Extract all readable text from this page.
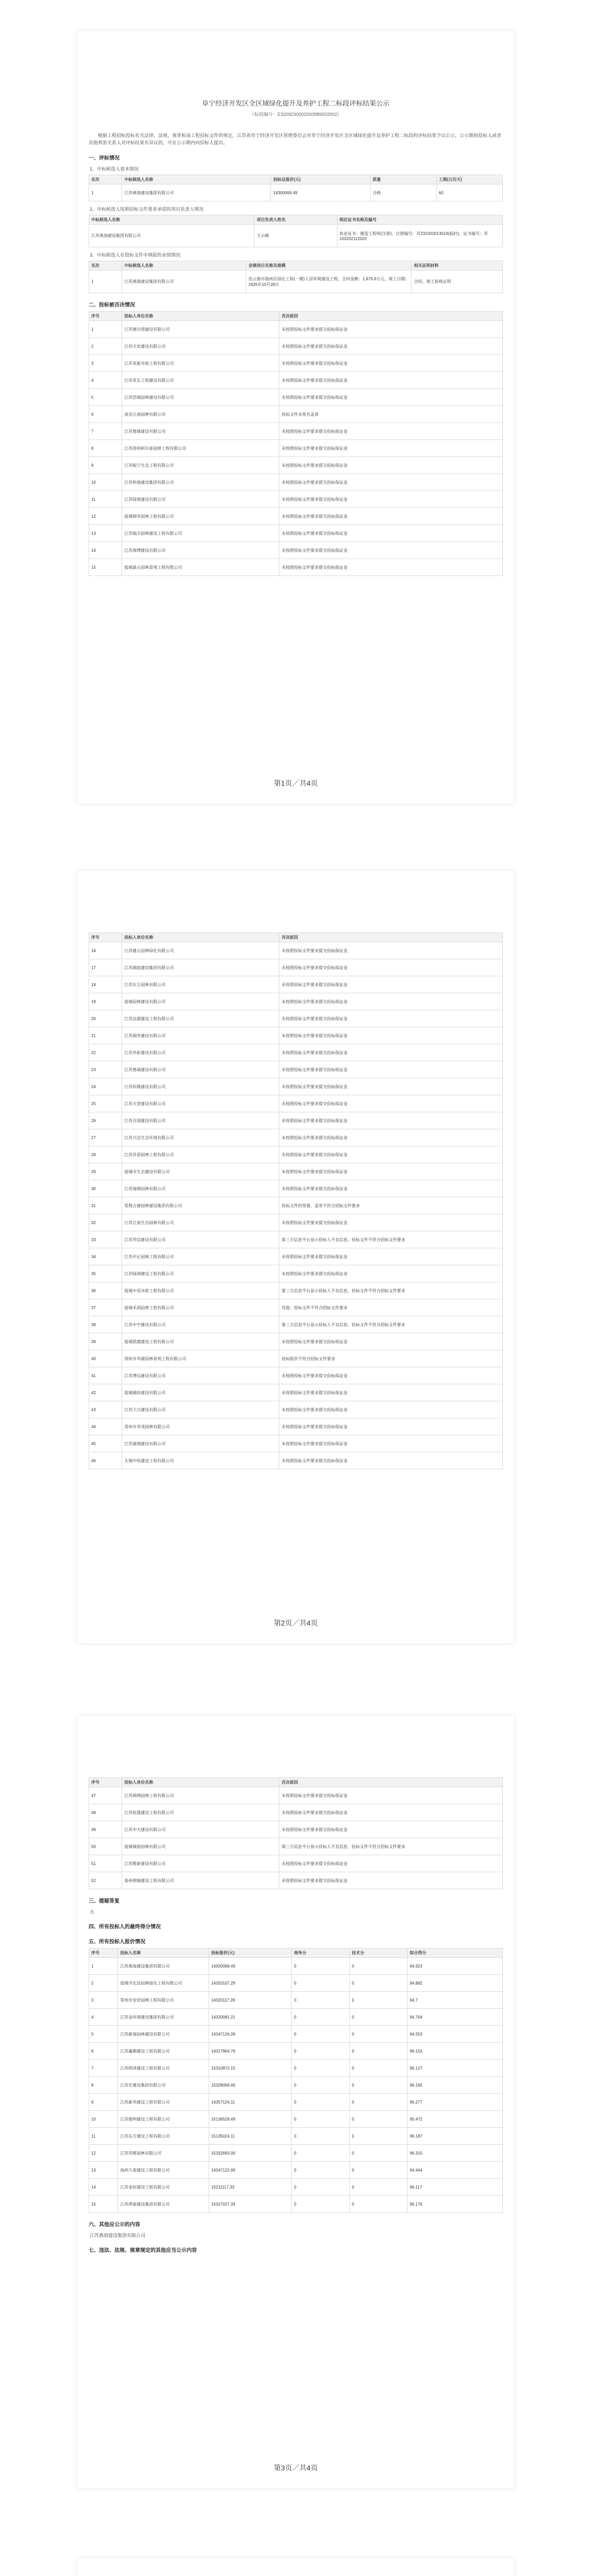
阜宁经济开发区全区域绿化提升及养护工程二标段评标结果公示
（标段编号：E3209230002000989002002）
根据工程招标投标有关法律、法规、规章和该工程招标文件的规定，江苏省阜宁经济开发区管理委员会对阜宁经济开发区全区域绿化提升及养护工程二标段的评标结果予以公示，公示期间投标人或者其他利害关系人对评标结果有异议的，可在公示期内向招标人提出。
一、评标情况
1、中标候选人基本情况
名次	中标候选人名称	投标总报价(元)	质量	工期(日历天)
1	江苏燕海建设集团有限公司	14300069.49	合格	60
2、中标候选人按照招标文件要求承诺的项目负责人情况
中标候选人名称	项目负责人姓名	相应证书名称及编号
江苏燕海建设集团有限公司	王云峰	执业证书：建造工程师(注册)，注册编号：苏232202013014(临时)，证书编号：苏103202112020
3、中标候选人在投标文件中填报的业绩情况
名次	中标候选人名称	业绩项目名称及规模	相关证明材料
1	江苏燕海建设集团有限公司	连云港市海州区绿化工程(一期)人居环境建设工程，合同金额：1,879.6万元，竣工日期：2025年10月28日	合同、竣工验收证明
二、投标被否决情况
序号	投标人单位名称	否决原因
1	江苏德尔塔建设有限公司	未按照投标文件要求提交投标保证金
2	江苏天安建设有限公司	未按照投标文件要求提交投标保证金
3	江苏亚振市政工程有限公司	未按照投标文件要求提交投标保证金
4	江苏亚东工程建设有限公司	未按照投标文件要求提交投标保证金
5	江苏浩城园林建设有限公司	未按照投标文件要求提交投标保证金
6	南京江南园林有限公司	投标文件未签名盖章
7	江苏楚鼎建设有限公司	未按照投标文件要求提交投标保证金
8	江苏徐州阿尔泰园林工程有限公司	未按照投标文件要求提交投标保证金
9	江苏振宁生态工程有限公司	未按照投标文件要求提交投标保证金
10	江苏科地建设集团有限公司	未按照投标文件要求提交投标保证金
11	江苏绿苑建设有限公司	未按照投标文件要求提交投标保证金
12	盐城锦华园林工程有限公司	未按照投标文件要求提交投标保证金
13	江苏瑞丰园林建设工程有限公司	未按照投标文件要求提交投标保证金
14	江苏海博建设有限公司	未按照投标文件要求提交投标保证金
15	盐城嘉元园林景观工程有限公司	未按照投标文件要求提交投标保证金
第1页／共4页
序号	投标人单位名称	否决原因
16	江苏建元园林绿化有限公司	未按照投标文件要求提交投标保证金
17	江苏瑞庭建设集团有限公司	未按照投标文件要求提交投标保证金
18	江苏东方园林有限公司	未按照投标文件要求提交投标保证金
19	盐城园林建设有限公司	未按照投标文件要求提交投标保证金
20	江苏达源建设工程有限公司	未按照投标文件要求提交投标保证金
21	江苏瑞华建设有限公司	未按照投标文件要求提交投标保证金
22	江苏华彩建设有限公司	未按照投标文件要求提交投标保证金
23	江苏德诚建设有限公司	未按照投标文件要求提交投标保证金
24	江苏恒隆建设有限公司	未按照投标文件要求提交投标保证金
25	江苏天誉建设有限公司	未按照投标文件要求提交投标保证金
26	江苏百润建设有限公司	未按照投标文件要求提交投标保证金
27	江苏兴达生态环境有限公司	未按照投标文件要求提交投标保证金
28	江苏苏景园林工程有限公司	未按照投标文件要求提交投标保证金
29	盐城市生态建设有限公司	未按照投标文件要求提交投标保证金
30	江苏海德园林有限公司	未按照投标文件要求提交投标保证金
31	常熟古建园林建设集团有限公司	投标文件的签署、盖章不符合招标文件要求
32	江苏江南生态园林有限公司	未按照投标文件要求提交投标保证金
33	江苏华信建设有限公司	第三方信息平台显示投标人不良信息，投标文件不符合招标文件要求
34	江苏中正园林工程有限公司	未按照投标文件要求提交投标保证金
35	江苏绿洲建设工程有限公司	未按照投标文件要求提交投标保证金
36	盐城中昊市政工程有限公司	第三方信息平台显示投标人不良信息，投标文件不符合招标文件要求
37	盐城禾润园林工程有限公司	其他：投标文件不符合招标文件要求
38	江苏中宇建设有限公司	第三方信息平台显示投标人不良信息，投标文件不符合招标文件要求
39	盐城凯越建设工程有限公司	未按照投标文件要求提交投标保证金
40	徐州市华源园林景观工程有限公司	投标报价不符合招标文件要求
41	江苏博远建设有限公司	未按照投标文件要求提交投标保证金
42	盐城城投建设有限公司	未按照投标文件要求提交投标保证金
43	江苏大兴建设有限公司	未按照投标文件要求提交投标保证金
44	常州市华茂园林有限公司	未按照投标文件要求提交投标保证金
45	江苏康城建设有限公司	未按照投标文件要求提交投标保证金
46	无锡中恒建设工程有限公司	未按照投标文件要求提交投标保证金
第2页／共4页
序号	投标人单位名称	否决原因
47	江苏锦绣园林工程有限公司	未按照投标文件要求提交投标保证金
48	江苏恒晟建设工程有限公司	未按照投标文件要求提交投标保证金
49	江苏中天建设有限公司	未按照投标文件要求提交投标保证金
50	盐城城苑园林有限公司	第三方信息平台显示投标人不良信息，投标文件不符合招标文件要求
51	江苏维新建设有限公司	未按照投标文件要求提交投标保证金
52	泰州锦城建设工程有限公司	未按照投标文件要求提交投标保证金
三、提疑答复
无
四、所有投标人的最终得分情况
五、所有投标人报价情况
序号	投标人名称	投标报价(元)	商务分	技术分	综合得分
1	江苏燕海建设集团有限公司	14300069.49	0	0	94.923
2	盐城市宏达园林绿化工程有限公司	14320107.29	0	0	94.882
3	常州市安居园林工程有限公司	14320117.28	0	0	94.7
4	江苏金环境建设集团有限公司	14320081.21	0	0	94.764
5	江苏新海园林建设有限公司	14347126.09	0	0	94.553
6	江苏鑫顺建设工程有限公司	14317964.76	0	0	96.153
7	江苏明泽建设工程有限公司	15310872.15	0	0	96.127
8	江苏宏建设集团有限公司	15328069.46	0	0	96.165
9	江苏新华建设工程有限公司	14357124.11	0	0	96.277
10	江苏德利建设工程有限公司	15136528.49	0	0	95.472
11	江苏东方建设工程有限公司	15135024.11	0	0	96.187
12	江苏苏维园林有限公司	15332693.00	0	0	96.315
13	扬州久泰建设工程有限公司	14347122.99	0	0	94.444
14	江苏金恒建设工程有限公司	15211117.33	0	0	96.117
15	江苏鸿泰建设集团有限公司	15317027.33	0	0	96.176
六、其他应公示的内容
江苏燕海建设集团有限公司
七、违法、法规、规章规定的其他应当公示内容
第3页／共4页
